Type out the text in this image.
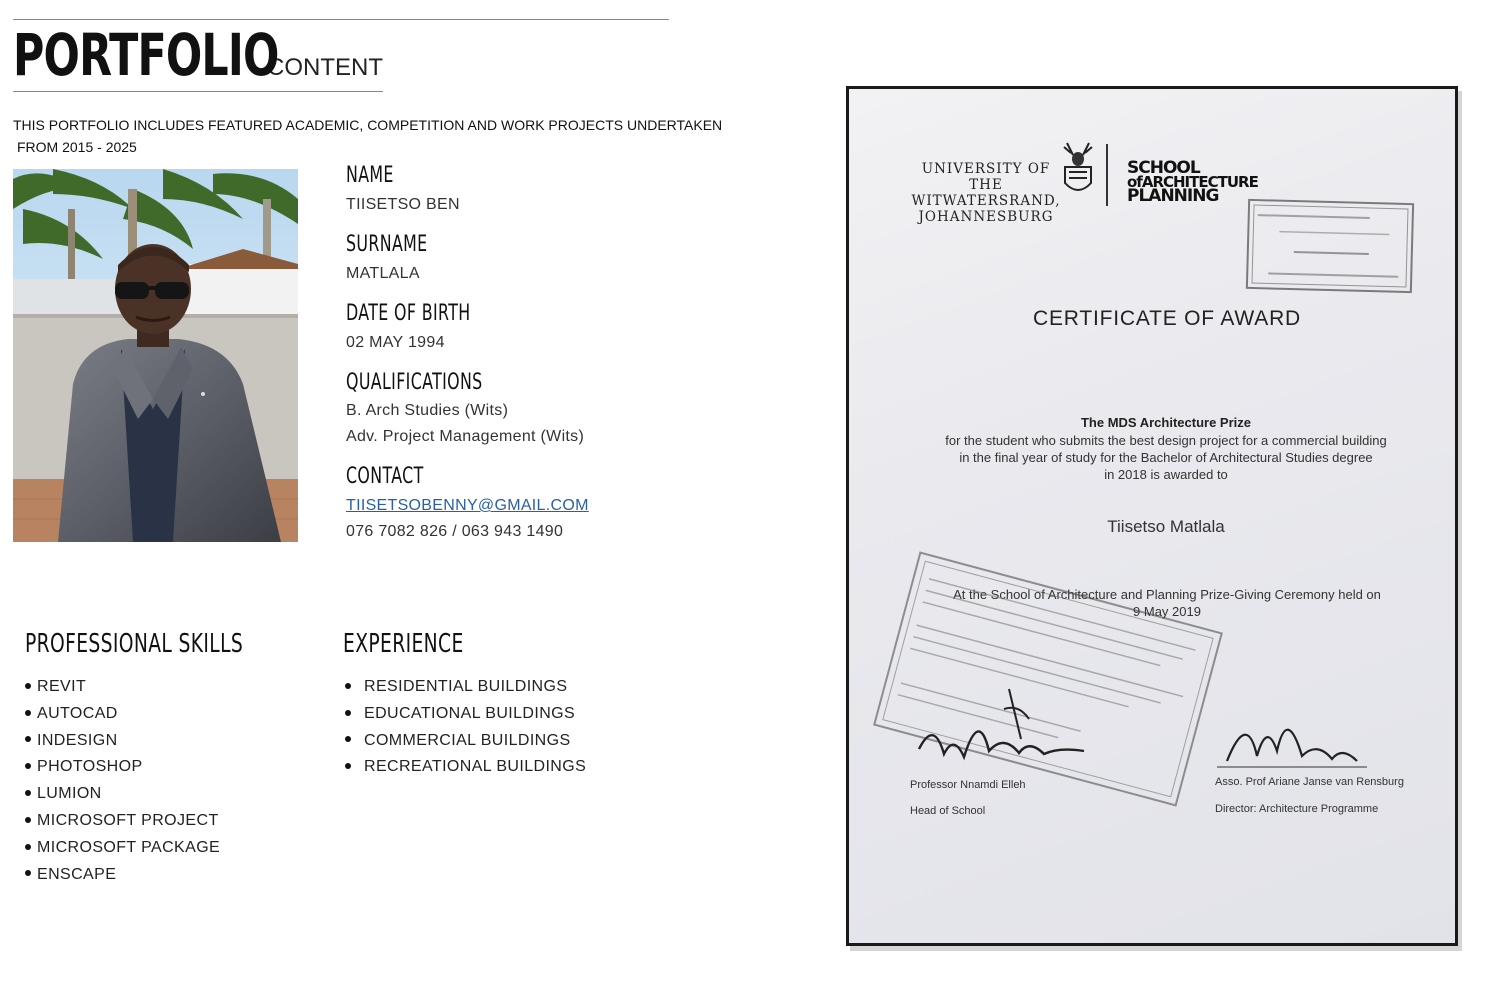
PORTFOLIO
CONTENT
THIS PORTFOLIO INCLUDES FEATURED ACADEMIC, COMPETITION AND WORK PROJECTS UNDERTAKEN
FROM 2015 - 2025
NAME
TIISETSO BEN
SURNAME
MATLALA
DATE OF BIRTH
02 MAY 1994
QUALIFICATIONS
B. Arch Studies (Wits)
Adv. Project Management (Wits)
CONTACT
TIISETSOBENNY@GMAIL.COM
076 7082 826 / 063 943 1490
PROFESSIONAL SKILLS
REVIT
AUTOCAD
INDESIGN
PHOTOSHOP
LUMION
MICROSOFT PROJECT
MICROSOFT PACKAGE
ENSCAPE
EXPERIENCE
RESIDENTIAL BUILDINGS
EDUCATIONAL BUILDINGS
COMMERCIAL BUILDINGS
RECREATIONAL BUILDINGS
UNIVERSITY OF THE
WITWATERSRAND,
JOHANNESBURG
SCHOOL
ofARCHITECTURE
PLANNING
CERTIFICATE OF AWARD
The MDS Architecture Prize
for the student who submits the best design project for a commercial building
in the final year of study for the Bachelor of Architectural Studies degree
in 2018 is awarded to
Tiisetso Matlala
At the School of Architecture and Planning Prize-Giving Ceremony held on
9 May 2019
Professor Nnamdi Elleh
Head of School
Asso. Prof Ariane Janse van Rensburg
Director: Architecture Programme
